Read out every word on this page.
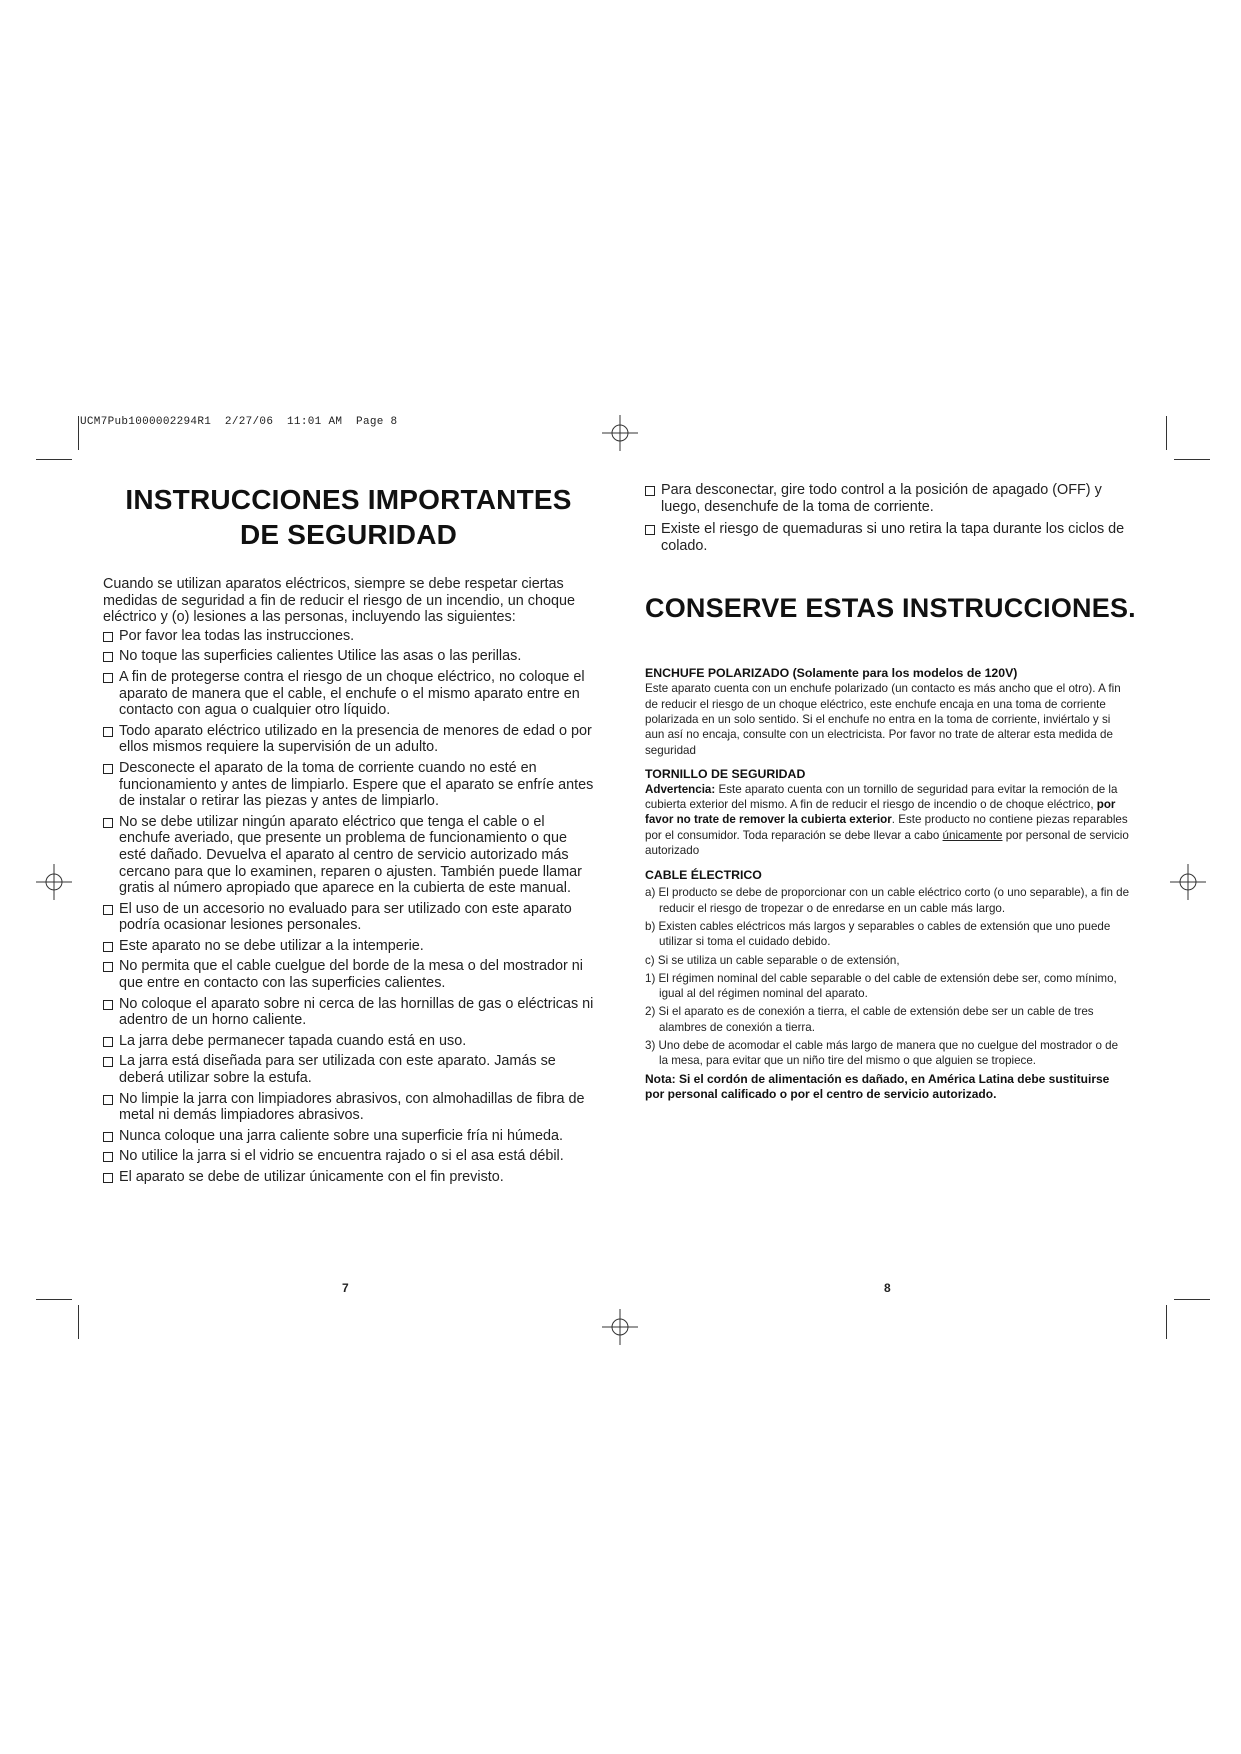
UCM7Pub1000002294R1  2/27/06  11:01 AM  Page 8
INSTRUCCIONES IMPORTANTES
DE SEGURIDAD

Cuando se utilizan aparatos eléctricos, siempre se debe respetar ciertas medidas de seguridad a fin de reducir el riesgo de un incendio, un choque eléctrico y (o) lesiones a las personas, incluyendo las siguientes:

Por favor lea todas las instrucciones.
No toque las superficies calientes Utilice las asas o las perillas.
A fin de protegerse contra el riesgo de un choque eléctrico, no coloque el aparato de manera que el cable, el enchufe o el mismo aparato entre en contacto con agua o cualquier otro líquido.
Todo aparato eléctrico utilizado en la presencia de menores de edad o por ellos mismos requiere la supervisión de un adulto.
Desconecte el aparato de la toma de corriente cuando no esté en funcionamiento y antes de limpiarlo. Espere que el aparato se enfríe antes de instalar o retirar las piezas y antes de limpiarlo.
No se debe utilizar ningún aparato eléctrico que tenga el cable o el enchufe averiado, que presente un problema de funcionamiento o que esté dañado. Devuelva el aparato al centro de servicio autorizado más cercano para que lo examinen, reparen o ajusten. También puede llamar gratis al número apropiado que aparece en la cubierta de este manual.
El uso de un accesorio no evaluado para ser utilizado con este aparato podría ocasionar lesiones personales.
Este aparato no se debe utilizar a la intemperie.
No permita que el cable cuelgue del borde de la mesa o del mostrador ni que entre en contacto con las superficies calientes.
No coloque el aparato sobre ni cerca de las hornillas de gas o eléctricas ni adentro de un horno caliente.
La jarra debe permanecer tapada cuando está en uso.
La jarra está diseñada para ser utilizada con este aparato. Jamás se deberá utilizar sobre la estufa.
No limpie la jarra con limpiadores abrasivos, con almohadillas de fibra de metal ni demás limpiadores abrasivos.
Nunca coloque una jarra caliente sobre una superficie fría ni húmeda.
No utilice la jarra si el vidrio se encuentra rajado o si el asa está débil.
El aparato se debe de utilizar únicamente con el fin previsto.
Para desconectar, gire todo control a la posición de apagado (OFF) y luego, desenchufe de la toma de corriente.
Existe el riesgo de quemaduras si uno retira la tapa durante los ciclos de colado.
CONSERVE ESTAS INSTRUCCIONES.
ENCHUFE POLARIZADO (Solamente para los modelos de 120V)
Este aparato cuenta con un enchufe polarizado (un contacto es más ancho que el otro). A fin de reducir el riesgo de un choque eléctrico, este enchufe encaja en una toma de corriente polarizada en un solo sentido. Si el enchufe no entra en la toma de corriente, inviértalo y si aun así no encaja, consulte con un electricista. Por favor no trate de alterar esta medida de seguridad
TORNILLO DE SEGURIDAD
Advertencia: Este aparato cuenta con un tornillo de seguridad para evitar la remoción de la cubierta exterior del mismo. A fin de reducir el riesgo de incendio o de choque eléctrico, por favor no trate de remover la cubierta exterior. Este producto no contiene piezas reparables por el consumidor. Toda reparación se debe llevar a cabo únicamente por personal de servicio autorizado
CABLE ÉLECTRICO
a) El producto se debe de proporcionar con un cable eléctrico corto (o uno separable), a fin de reducir el riesgo de tropezar o de enredarse en un cable más largo.
b) Existen cables eléctricos más largos y separables o cables de extensión que uno puede utilizar si toma el cuidado debido.
c) Si se utiliza un cable separable o de extensión,
1) El régimen nominal del cable separable o del cable de extensión debe ser, como mínimo, igual al del régimen nominal del aparato.
2) Si el aparato es de conexión a tierra, el cable de extensión debe ser un cable de tres alambres de conexión a tierra.
3) Uno debe de acomodar el cable más largo de manera que no cuelgue del mostrador o de la mesa, para evitar que un niño tire del mismo o que alguien se tropiece.
Nota: Si el cordón de alimentación es dañado, en América Latina debe sustituirse por personal calificado o por el centro de servicio autorizado.
7	8
